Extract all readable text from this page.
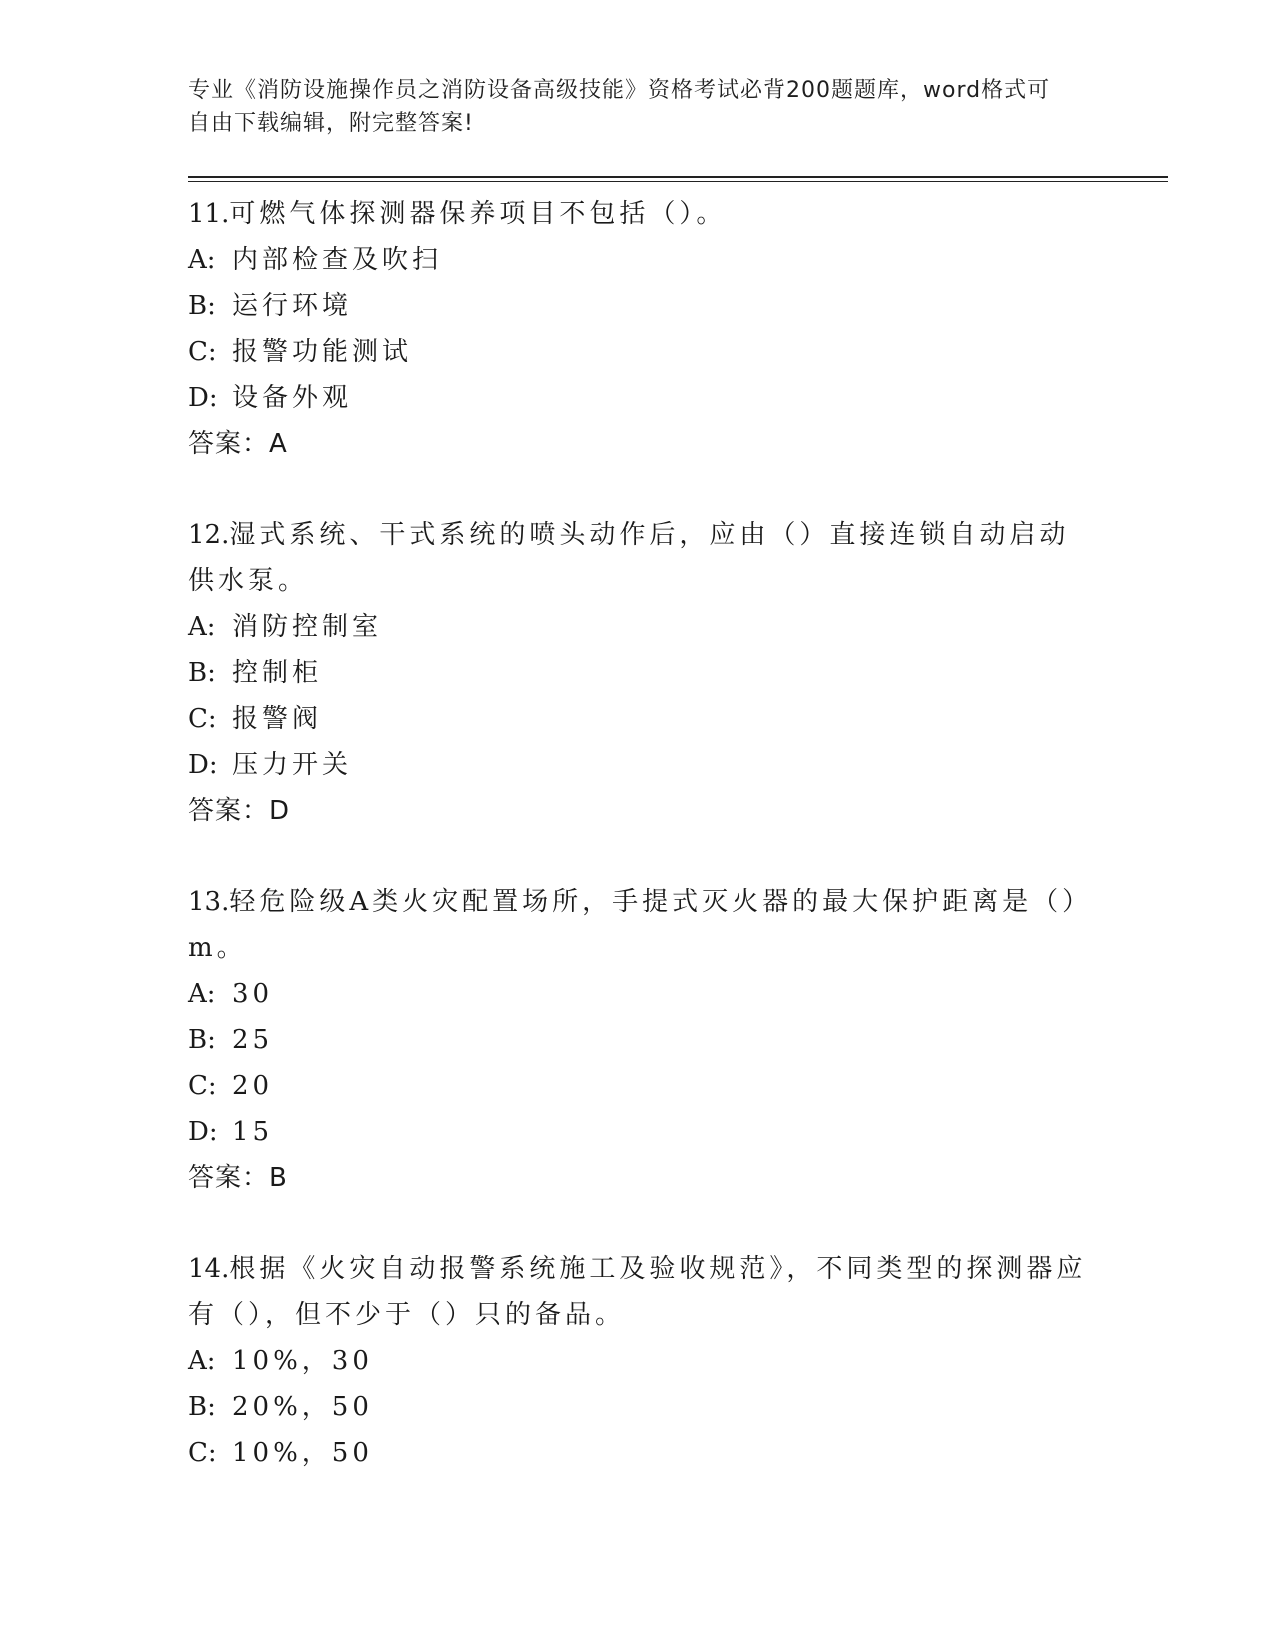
专业《消防设施操作员之消防设备高级技能》资格考试必背200题题库，word格式可自由下载编辑，附完整答案!
11.可燃气体探测器保养项目不包括（）。
A: 内部检查及吹扫
B: 运行环境
C: 报警功能测试
D: 设备外观
答案：A
12.湿式系统、干式系统的喷头动作后，应由（）直接连锁自动启动供水泵。
A: 消防控制室
B: 控制柜
C: 报警阀
D: 压力开关
答案：D
13.轻危险级A类火灾配置场所，手提式灭火器的最大保护距离是（）m。
A: 30
B: 25
C: 20
D: 15
答案：B
14.根据《火灾自动报警系统施工及验收规范》，不同类型的探测器应有（），但不少于（）只的备品。
A: 10%，30
B: 20%，50
C: 10%，50
